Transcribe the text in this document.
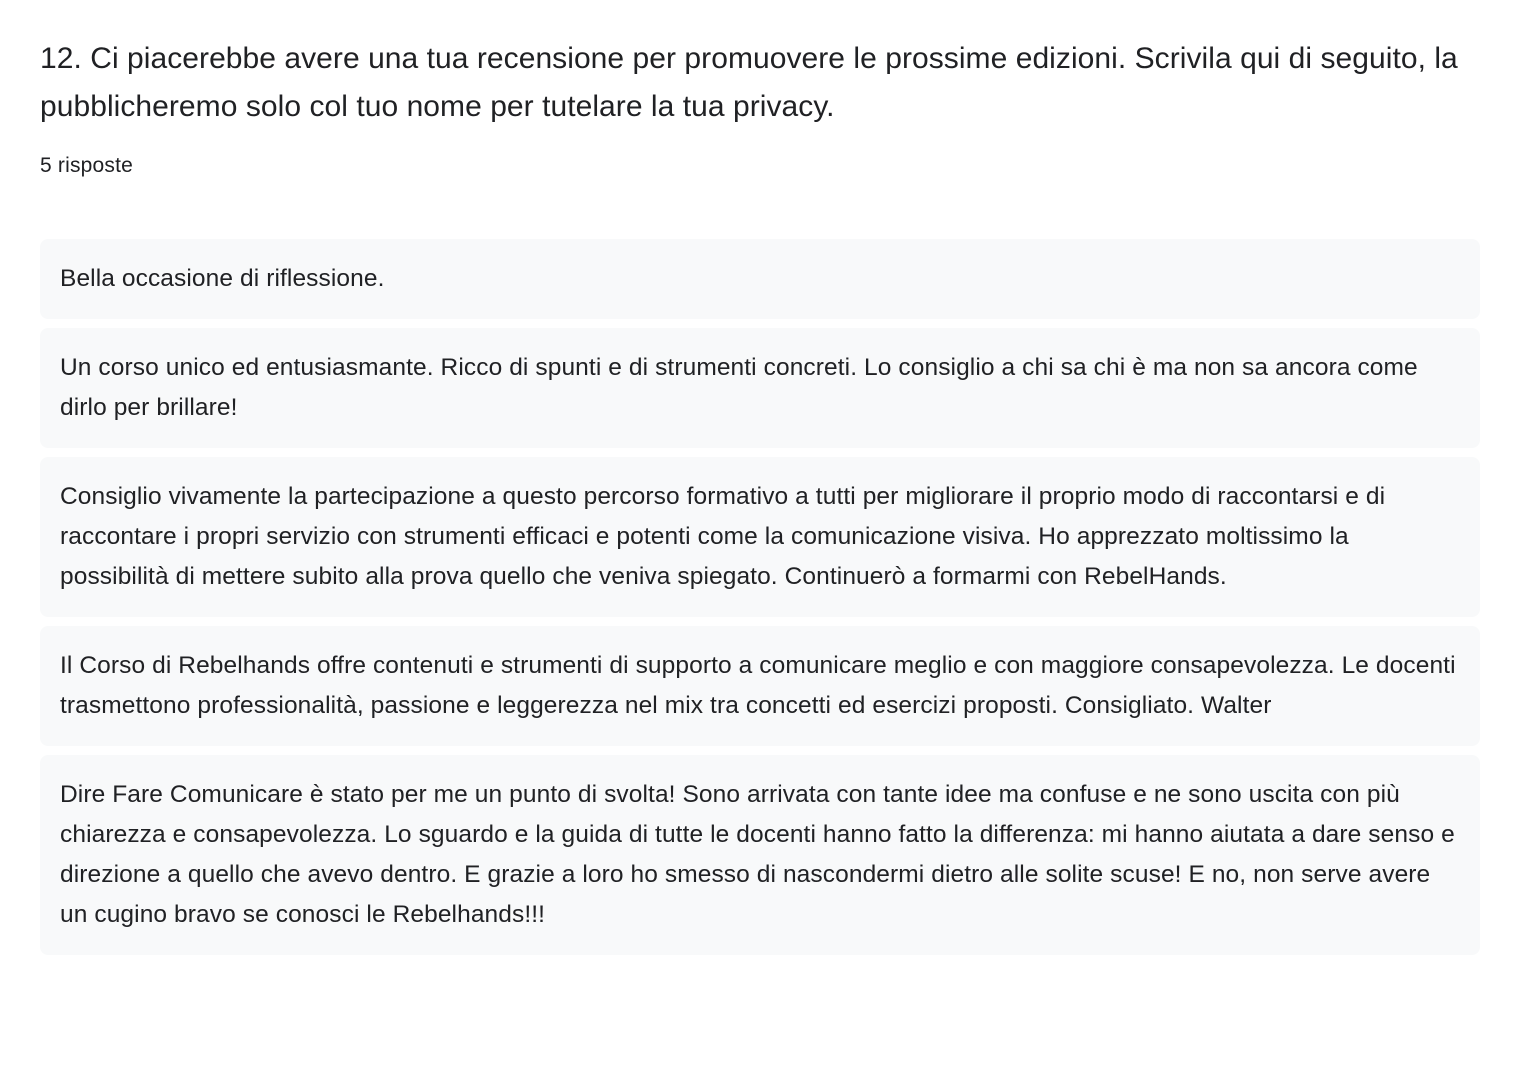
12. Ci piacerebbe avere una tua recensione per promuovere le prossime edizioni. Scrivila qui di seguito, la pubblicheremo solo col tuo nome per tutelare la tua privacy.
5 risposte
Bella occasione di riflessione.
Un corso unico ed entusiasmante. Ricco di spunti e di strumenti concreti. Lo consiglio a chi sa chi è ma non sa ancora come dirlo per brillare!
Consiglio vivamente la partecipazione a questo percorso formativo a tutti per migliorare il proprio modo di raccontarsi e di raccontare i propri servizio con strumenti efficaci e potenti come la comunicazione visiva. Ho apprezzato moltissimo la possibilità di mettere subito alla prova quello che veniva spiegato. Continuerò a formarmi con RebelHands.
Il Corso di Rebelhands offre contenuti e strumenti di supporto a comunicare meglio e con maggiore consapevolezza. Le docenti trasmettono professionalità, passione e leggerezza nel mix tra concetti ed esercizi proposti. Consigliato. Walter
Dire Fare Comunicare è stato per me un punto di svolta! Sono arrivata con tante idee ma confuse e ne sono uscita con più chiarezza e consapevolezza. Lo sguardo e la guida di tutte le docenti hanno fatto la differenza: mi hanno aiutata a dare senso e direzione a quello che avevo dentro. E grazie a loro ho smesso di nascondermi dietro alle solite scuse! E no, non serve avere un cugino bravo se conosci le Rebelhands!!!
